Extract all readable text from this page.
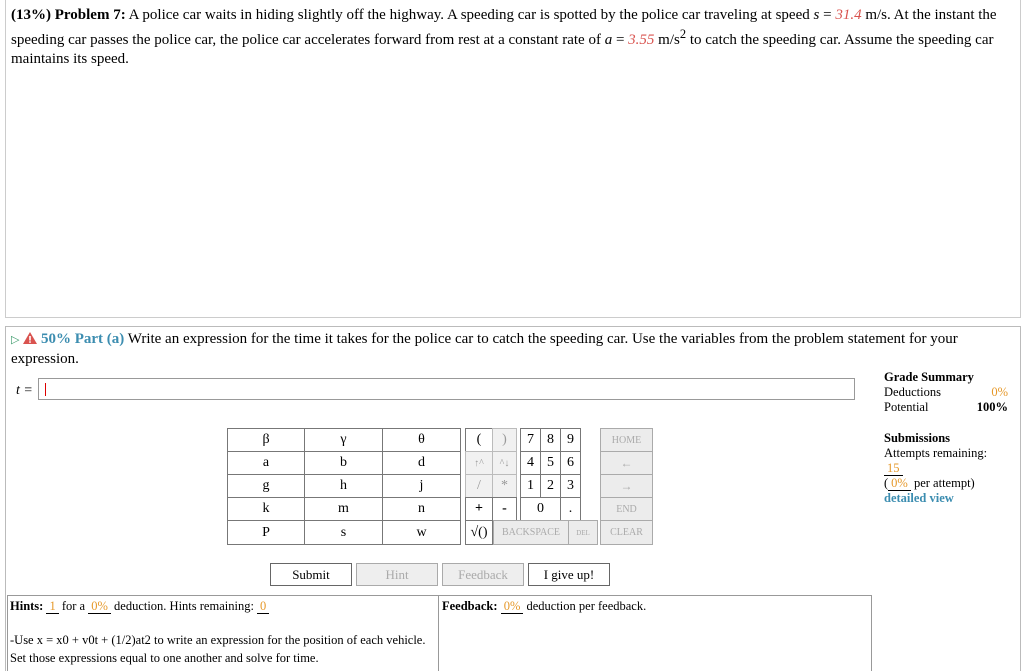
(13%) Problem 7: A police car waits in hiding slightly off the highway. A speeding car is spotted by the police car traveling at speed s = 31.4 m/s. At the instant the speeding car passes the police car, the police car accelerates forward from rest at a constant rate of a = 3.55 $m/s^2$ to catch the speeding car. Assume the speeding car maintains its speed.
▷ 50% Part (a) Write an expression for the time it takes for the police car to catch the speeding car. Use the variables from the problem statement for your expression.
t =
β	γ	θ
a	b	d
g	h	j
k	m	n
P	s	w
(	)
↑^	^↓
/	*
+	-
√()
7 8 9
4 5 6
1 2 3
0	.
BACKSPACE	DEL
HOME
←
→
END
CLEAR
Submit	Hint	Feedback	I give up!
Hints: 1 for a 0% deduction. Hints remaining: 0
-Use x = x0 + v0t + (1/2)at2 to write an expression for the position of each vehicle. Set those expressions equal to one another and solve for time.
Feedback: 0% deduction per feedback.
Grade Summary
Deductions	0%
Potential	100%
Submissions
Attempts remaining: 15
( 0% per attempt)
detailed view
